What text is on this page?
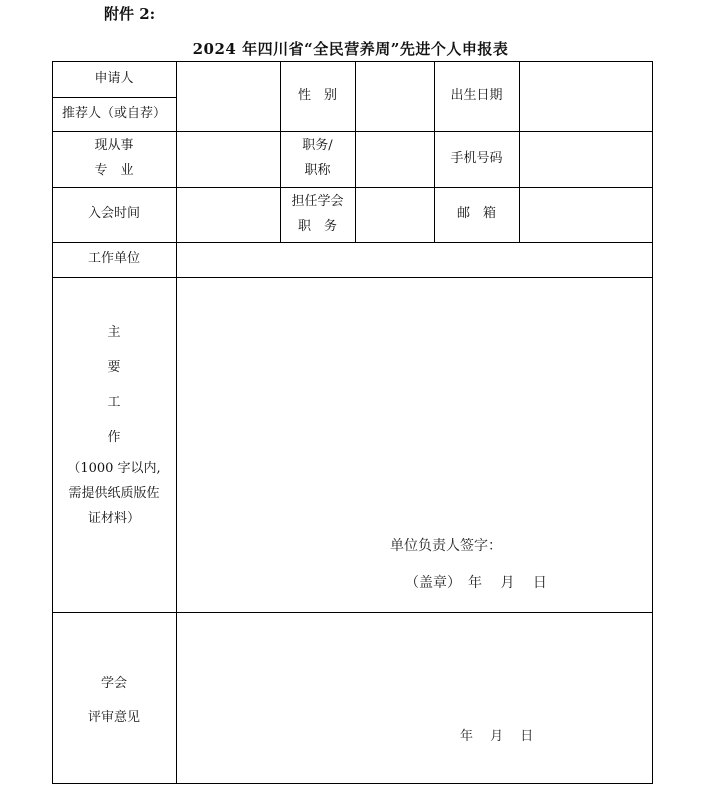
附件 2:
2024 年四川省“全民营养周”先进个人申报表
申请人
推荐人（或自荐）
性　别	出生日期
现从事
专　业
职务/
职称
手机号码
入会时间
担任学会
职　务
邮　箱
工作单位
主
要
工
作
（1000 字以内,
需提供纸质版佐
证材料）
单位负责人签字：
（盖章）　年　 月　 日
学会
评审意见
年　 月　 日
